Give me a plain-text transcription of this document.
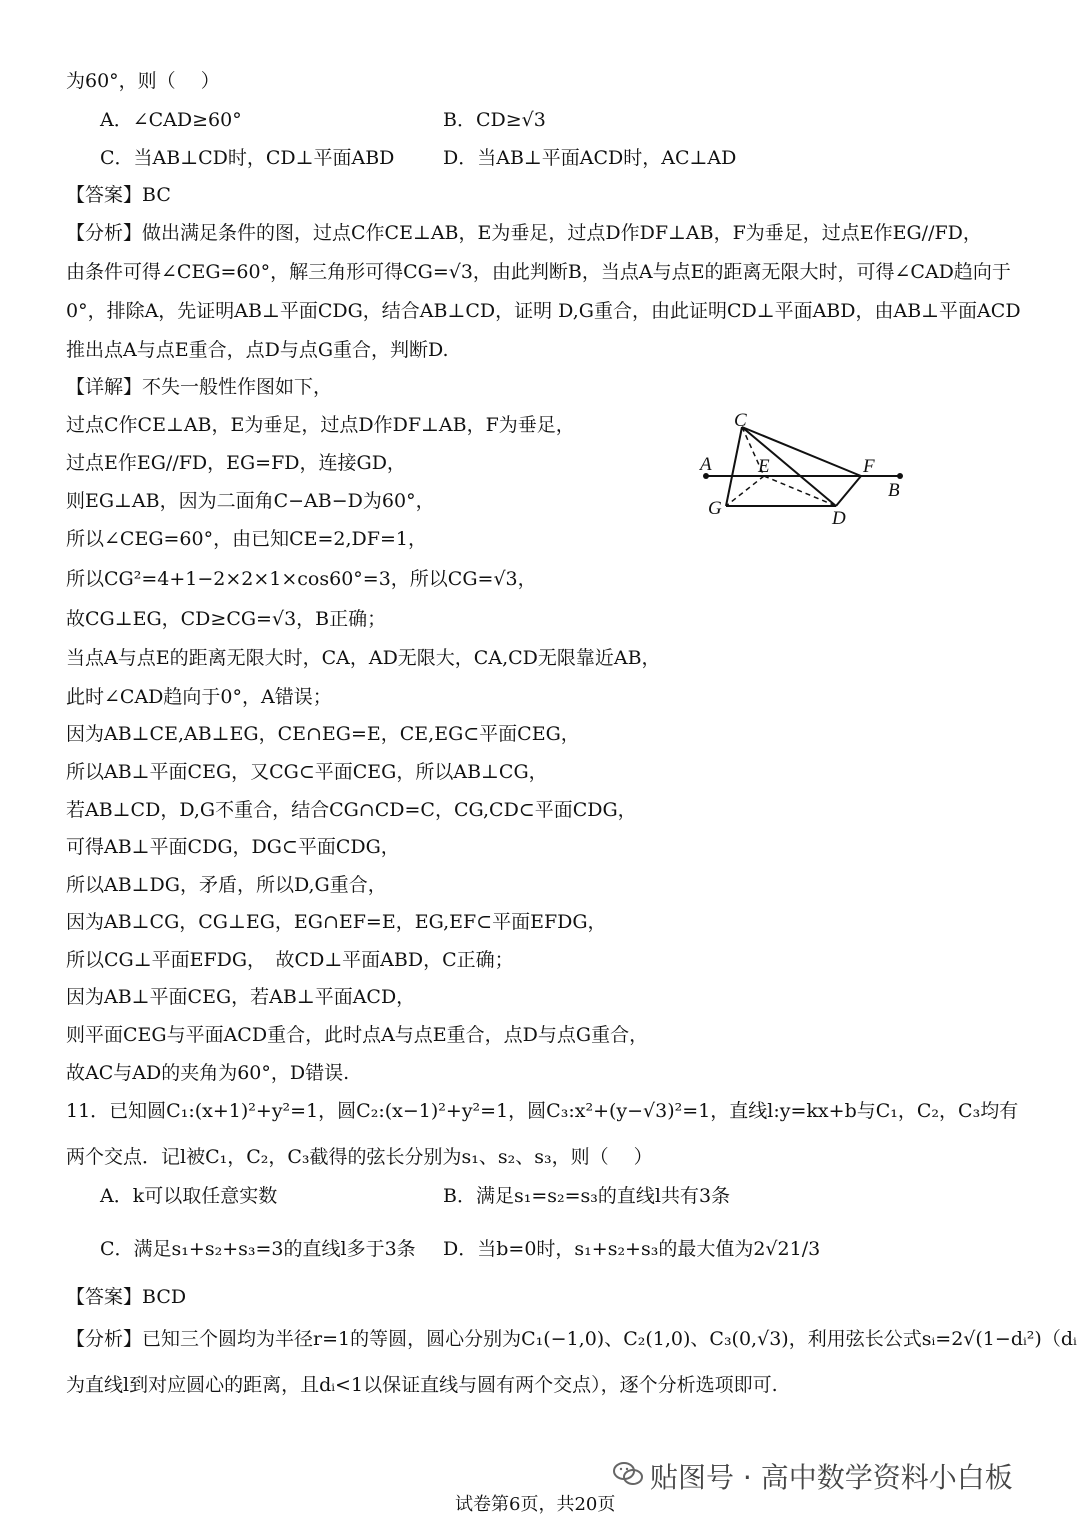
为60°，则（　 ）
【答案】BC
【分析】做出满足条件的图，过点C作CE⊥AB，E为垂足，过点D作DF⊥AB，F为垂足，过点E作EG//FD，
由条件可得∠CEG=60°，解三角形可得CG=√3，由此判断B，当点A与点E的距离无限大时，可得∠CAD趋向于
0°，排除A，先证明AB⊥平面CDG，结合AB⊥CD，证明 D,G重合，由此证明CD⊥平面ABD，由AB⊥平面ACD
推出点A与点E重合，点D与点G重合，判断D.
【详解】不失一般性作图如下，
过点C作CE⊥AB，E为垂足，过点D作DF⊥AB，F为垂足，
过点E作EG//FD，EG=FD，连接GD，
则EG⊥AB，因为二面角C−AB−D为60°，
所以∠CEG=60°，由已知CE=2,DF=1，
所以CG²=4+1−2×2×1×cos60°=3，所以CG=√3，
故CG⊥EG，CD≥CG=√3，B正确；
当点A与点E的距离无限大时，CA，AD无限大，CA,CD无限靠近AB，
此时∠CAD趋向于0°，A错误；
因为AB⊥CE,AB⊥EG，CE∩EG=E，CE,EG⊂平面CEG，
所以AB⊥平面CEG，又CG⊂平面CEG，所以AB⊥CG，
若AB⊥CD，D,G不重合，结合CG∩CD=C，CG,CD⊂平面CDG，
可得AB⊥平面CDG，DG⊂平面CDG，
所以AB⊥DG，矛盾，所以D,G重合，
因为AB⊥CG，CG⊥EG，EG∩EF=E，EG,EF⊂平面EFDG，
所以CG⊥平面EFDG，　故CD⊥平面ABD，C正确；
因为AB⊥平面CEG，若AB⊥平面ACD，
则平面CEG与平面ACD重合，此时点A与点E重合，点D与点G重合，
故AC与AD的夹角为60°，D错误.
11．已知圆C₁:(x+1)²+y²=1，圆C₂:(x−1)²+y²=1，圆C₃:x²+(y−√3)²=1，直线l:y=kx+b与C₁，C₂，C₃均有
两个交点．记l被C₁，C₂，C₃截得的弦长分别为s₁、s₂、s₃，则（　 ）
【答案】BCD
【分析】已知三个圆均为半径r=1的等圆，圆心分别为C₁(−1,0)、C₂(1,0)、C₃(0,√3)，利用弦长公式sᵢ=2√(1−dᵢ²)（dᵢ
为直线l到对应圆心的距离，且dᵢ<1以保证直线与圆有两个交点），逐个分析选项即可.
A．∠CAD≥60°	B．CD≥√3
C．当AB⊥CD时，CD⊥平面ABD	D．当AB⊥平面ACD时，AC⊥AD
A．k可以取任意实数	B．满足s₁=s₂=s₃的直线l共有3条
C．满足s₁+s₂+s₃=3的直线l多于3条 D．当b=0时，s₁+s₂+s₃的最大值为2√21/3
C
A E	F
B
G	D
贴图号 · 高中数学资料小白板
试卷第6页，共20页
